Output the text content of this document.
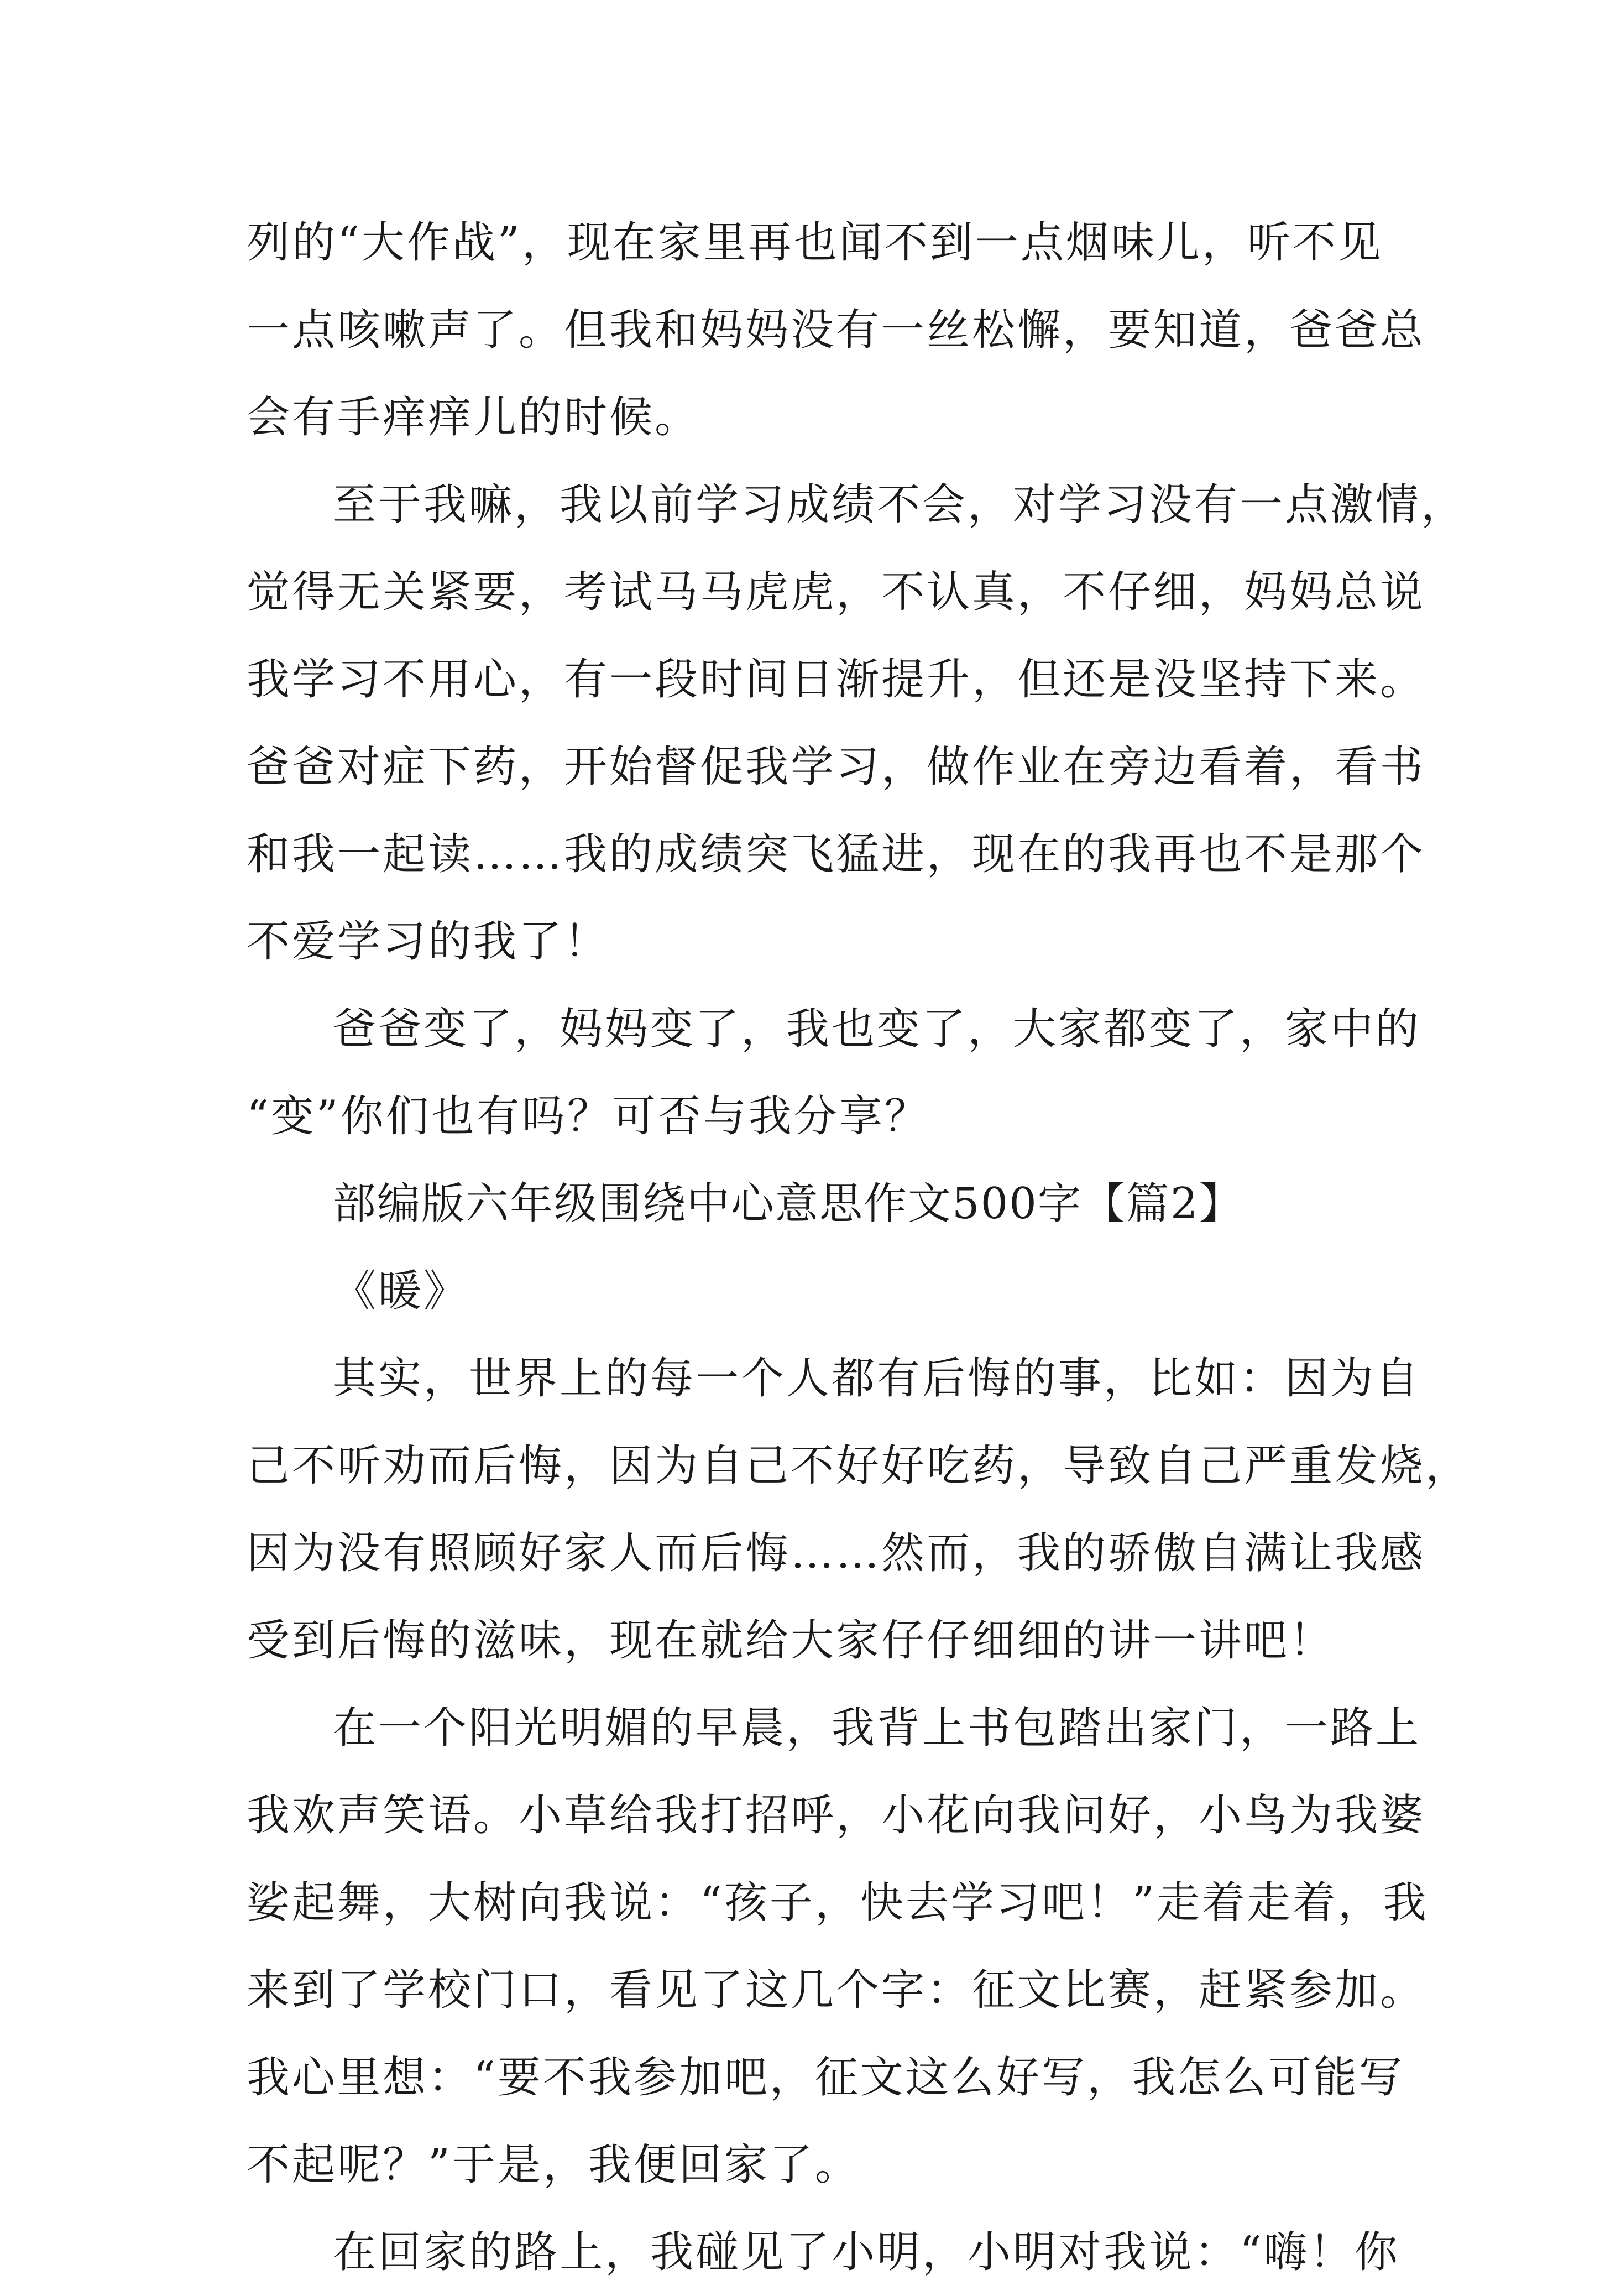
列的“大作战”，现在家里再也闻不到一点烟味儿，听不见
一点咳嗽声了。但我和妈妈没有一丝松懈，要知道，爸爸总
会有手痒痒儿的时候。
至于我嘛，我以前学习成绩不会，对学习没有一点激情，
觉得无关紧要，考试马马虎虎，不认真，不仔细，妈妈总说
我学习不用心，有一段时间日渐提升，但还是没坚持下来。
爸爸对症下药，开始督促我学习，做作业在旁边看着，看书
和我一起读……我的成绩突飞猛进，现在的我再也不是那个
不爱学习的我了！
爸爸变了，妈妈变了，我也变了，大家都变了，家中的
“变”你们也有吗？可否与我分享？
部编版六年级围绕中心意思作文500字【篇2】
《暖》
其实，世界上的每一个人都有后悔的事，比如：因为自
己不听劝而后悔，因为自己不好好吃药，导致自己严重发烧，
因为没有照顾好家人而后悔……然而，我的骄傲自满让我感
受到后悔的滋味，现在就给大家仔仔细细的讲一讲吧！
在一个阳光明媚的早晨，我背上书包踏出家门，一路上
我欢声笑语。小草给我打招呼，小花向我问好，小鸟为我婆
娑起舞，大树向我说：“孩子，快去学习吧！”走着走着，我
来到了学校门口，看见了这几个字：征文比赛，赶紧参加。
我心里想：“要不我参加吧，征文这么好写，我怎么可能写
不起呢？”于是，我便回家了。
在回家的路上，我碰见了小明，小明对我说：“嗨！你
